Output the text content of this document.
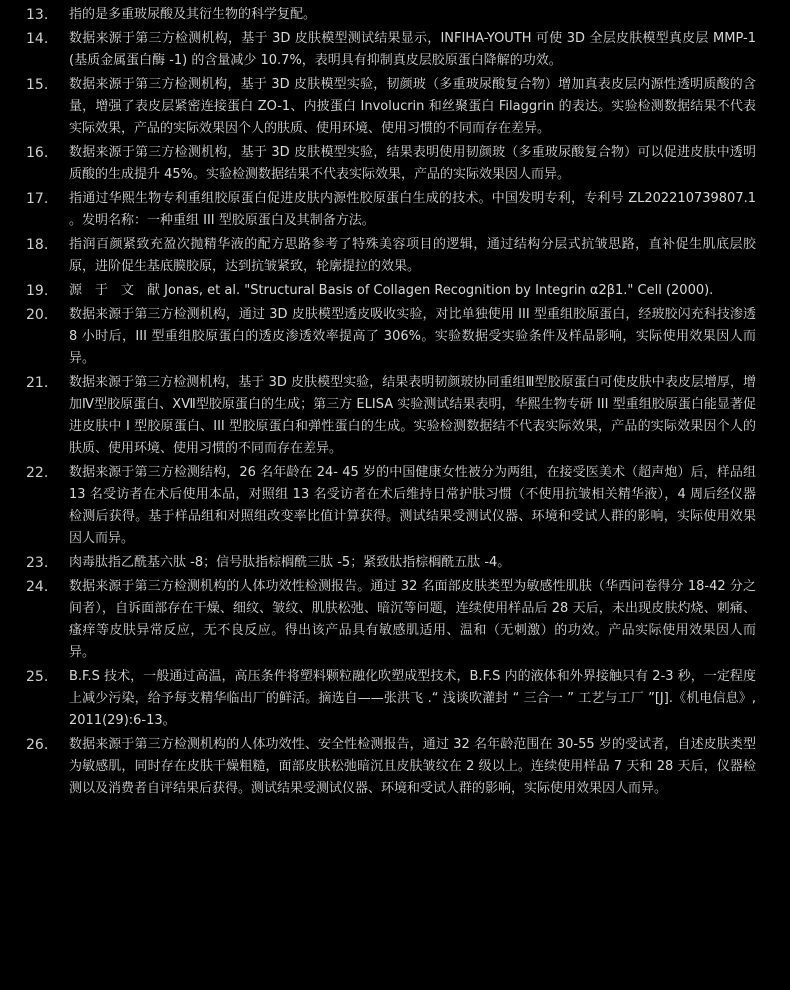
13.	指的是多重玻尿酸及其衍生物的科学复配。
14.	数据来源于第三方检测机构，基于 3D 皮肤模型测试结果显示，INFIHA-YOUTH 可使 3D 全层皮肤模型真皮层 MMP-1(基质金属蛋白酶 -1) 的含量减少 10.7%，表明具有抑制真皮层胶原蛋白降解的功效。
15.	数据来源于第三方检测机构，基于 3D 皮肤模型实验，韧颜玻（多重玻尿酸复合物）增加真表皮层内源性透明质酸的含量，增强了表皮层紧密连接蛋白 ZO-1、内披蛋白 Involucrin 和丝聚蛋白 Filaggrin 的表达。实验检测数据结果不代表实际效果，产品的实际效果因个人的肤质、使用环境、使用习惯的不同而存在差异。
16.	数据来源于第三方检测机构，基于 3D 皮肤模型实验，结果表明使用韧颜玻（多重玻尿酸复合物）可以促进皮肤中透明质酸的生成提升 45%。实验检测数据结果不代表实际效果，产品的实际效果因人而异。
17.	指通过华熙生物专利重组胶原蛋白促进皮肤内源性胶原蛋白生成的技术。中国发明专利，专利号 ZL202210739807.1 。发明名称：一种重组 III 型胶原蛋白及其制备方法。
18.	指润百颜紧致充盈次抛精华液的配方思路参考了特殊美容项目的逻辑，通过结构分层式抗皱思路，直补促生肌底层胶原，进阶促生基底膜胶原，达到抗皱紧致，轮廓提拉的效果。
19.	源　于　文　献 Jonas, et al. "Structural Basis of Collagen Recognition by Integrin α2β1." Cell (2000).
20.	数据来源于第三方检测机构，通过 3D 皮肤模型透皮吸收实验，对比单独使用 III 型重组胶原蛋白，经玻胶闪充科技渗透 8 小时后，III 型重组胶原蛋白的透皮渗透效率提高了 306%。实验数据受实验条件及样品影响，实际使用效果因人而异。
21.	数据来源于第三方检测机构，基于 3D 皮肤模型实验，结果表明韧颜玻协同重组Ⅲ型胶原蛋白可使皮肤中表皮层增厚，增加Ⅳ型胶原蛋白、ⅩⅦ型胶原蛋白的生成；第三方 ELISA 实验测试结果表明，华熙生物专研 III 型重组胶原蛋白能显著促进皮肤中 I 型胶原蛋白、III 型胶原蛋白和弹性蛋白的生成。实验检测数据结不代表实际效果，产品的实际效果因个人的肤质、使用环境、使用习惯的不同而存在差异。
22.	数据来源于第三方检测结构，26 名年龄在 24- 45 岁的中国健康女性被分为两组，在接受医美术（超声炮）后，样品组 13 名受访者在术后使用本品，对照组 13 名受访者在术后维持日常护肤习惯（不使用抗皱相关精华液），4 周后经仪器检测后获得。基于样品组和对照组改变率比值计算获得。测试结果受测试仪器、环境和受试人群的影响，实际使用效果因人而异。
23.	肉毒肽指乙酰基六肽 -8；信号肽指棕榈酰三肽 -5；紧致肽指棕榈酰五肽 -4。
24.	数据来源于第三方检测机构的人体功效性检测报告。通过 32 名面部皮肤类型为敏感性肌肤（华西问卷得分 18-42 分之间者），自诉面部存在干燥、细纹、皱纹、肌肤松弛、暗沉等问题，连续使用样品后 28 天后，未出现皮肤灼烧、刺痛、瘙痒等皮肤异常反应，无不良反应。得出该产品具有敏感肌适用、温和（无刺激）的功效。产品实际使用效果因人而异。
25.	B.F.S 技术，一般通过高温，高压条件将塑料颗粒融化吹塑成型技术，B.F.S 内的液体和外界接触只有 2-3 秒，一定程度上减少污染，给予每支精华临出厂的鲜活。摘选自——张洪飞 .“ 浅谈吹灌封 “ 三合一 ” 工艺与工厂 ”[J].《机电信息》,2011(29):6-13。
26.	数据来源于第三方检测机构的人体功效性、安全性检测报告，通过 32 名年龄范围在 30-55 岁的受试者，自述皮肤类型为敏感肌，同时存在皮肤干燥粗糙，面部皮肤松弛暗沉且皮肤皱纹在 2 级以上。连续使用样品 7 天和 28 天后，仪器检测以及消费者自评结果后获得。测试结果受测试仪器、环境和受试人群的影响，实际使用效果因人而异。
